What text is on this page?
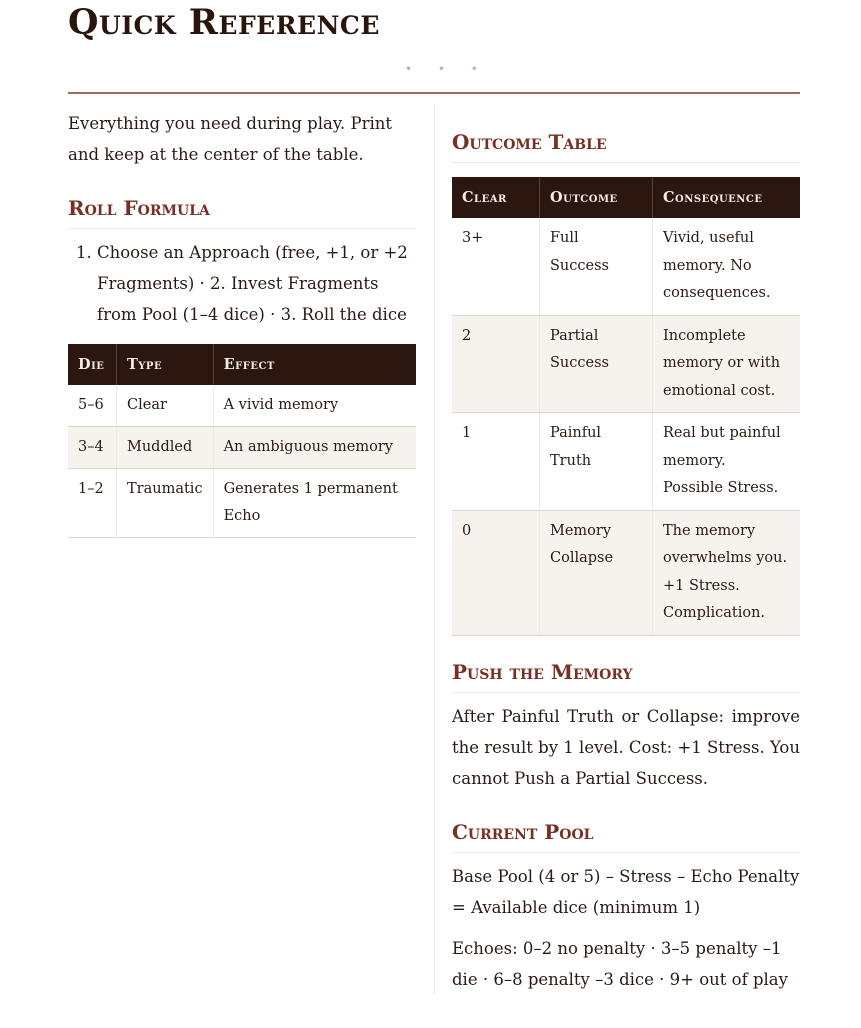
Quick Reference
• • •

Everything you need during play. Print and keep at the center of the table.

Roll Formula
1. Choose an Approach (free, +1, or +2 Fragments) · 2. Invest Fragments from Pool (1–4 dice) · 3. Roll the dice
Die	Type	Effect
5–6	Clear	A vivid memory
3–4	Muddled	An ambiguous memory
1–2	Traumatic	Generates 1 permanent Echo
Outcome Table
Clear	Outcome	Consequence
3+	Full Success	Vivid, useful memory. No consequences.
2	Partial Success	Incomplete memory or with emotional cost.
1	Painful Truth	Real but painful memory. Possible Stress.
0	Memory Collapse	The memory overwhelms you. +1 Stress. Complication.
Push the Memory

After Painful Truth or Collapse: improve the result by 1 level. Cost: +1 Stress. You cannot Push a Partial Success.

Current Pool

Base Pool (4 or 5) – Stress – Echo Penalty = Available dice (minimum 1)

Echoes: 0–2 no penalty · 3–5 penalty –1 die · 6–8 penalty –3 dice · 9+ out of play
